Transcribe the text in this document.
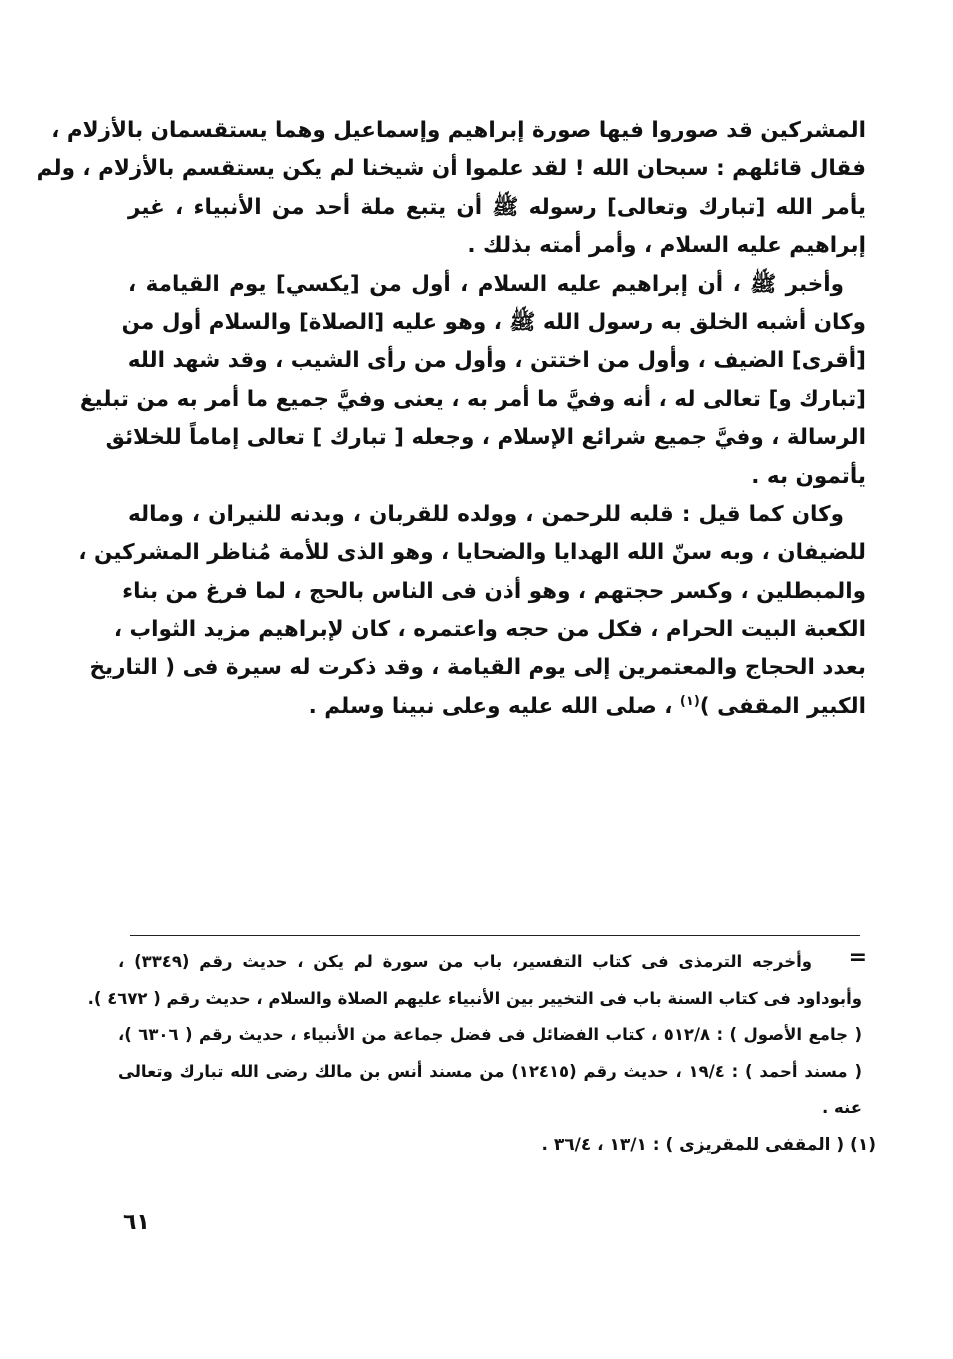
المشركين قد صوروا فيها صورة إبراهيم وإسماعيل وهما يستقسمان بالأزلام ،
فقال قائلهم : سبحان الله ! لقد علموا أن شيخنا لم يكن يستقسم بالأزلام ، ولم
يأمر الله [تبارك وتعالى] رسوله ﷺ أن يتبع ملة أحد من الأنبياء ، غير
إبراهيم عليه السلام ، وأمر أمته بذلك .
وأخبر ﷺ ، أن إبراهيم عليه السلام ، أول من [يكسي] يوم القيامة ،
وكان أشبه الخلق به رسول الله ﷺ ، وهو عليه [الصلاة] والسلام أول من
[أقرى] الضيف ، وأول من اختتن ، وأول من رأى الشيب ، وقد شهد الله
[تبارك و] تعالى له ، أنه وفيَّ ما أمر به ، يعنى وفيَّ جميع ما أمر به من تبليغ
الرسالة ، وفيَّ جميع شرائع الإسلام ، وجعله [ تبارك ] تعالى إماماً للخلائق
يأتمون به .
وكان كما قيل : قلبه للرحمن ، وولده للقربان ، وبدنه للنيران ، وماله
للضيفان ، وبه سنّ الله الهدايا والضحايا ، وهو الذى للأمة مُناظر المشركين ،
والمبطلين ، وكسر حجتهم ، وهو أذن فى الناس بالحج ، لما فرغ من بناء
الكعبة البيت الحرام ، فكل من حجه واعتمره ، كان لإبراهيم مزيد الثواب ،
بعدد الحجاج والمعتمرين إلى يوم القيامة ، وقد ذكرت له سيرة فى ( التاريخ
الكبير المقفى )$^{(١)}$ ، صلى الله عليه وعلى نبينا وسلم .
=
وأخرجه الترمذى فى كتاب التفسير، باب من سورة لم يكن ، حديث رقم (٣٣٤٩) ،
وأبوداود فى كتاب السنة باب فى التخيير بين الأنبياء عليهم الصلاة والسلام ، حديث رقم ( ٤٦٧٢ ).
( جامع الأصول ) : ٥١٢/٨ ، كتاب الفضائل فى فضل جماعة من الأنبياء ، حديث رقم ( ٦٣٠٦ )،
( مسند أحمد ) : ١٩/٤ ، حديث رقم (١٢٤١٥) من مسند أنس بن مالك رضى الله تبارك وتعالى
عنه .
(١) ( المقفى للمقريزى ) : ١٣/١ ، ٣٦/٤ .
٦١
